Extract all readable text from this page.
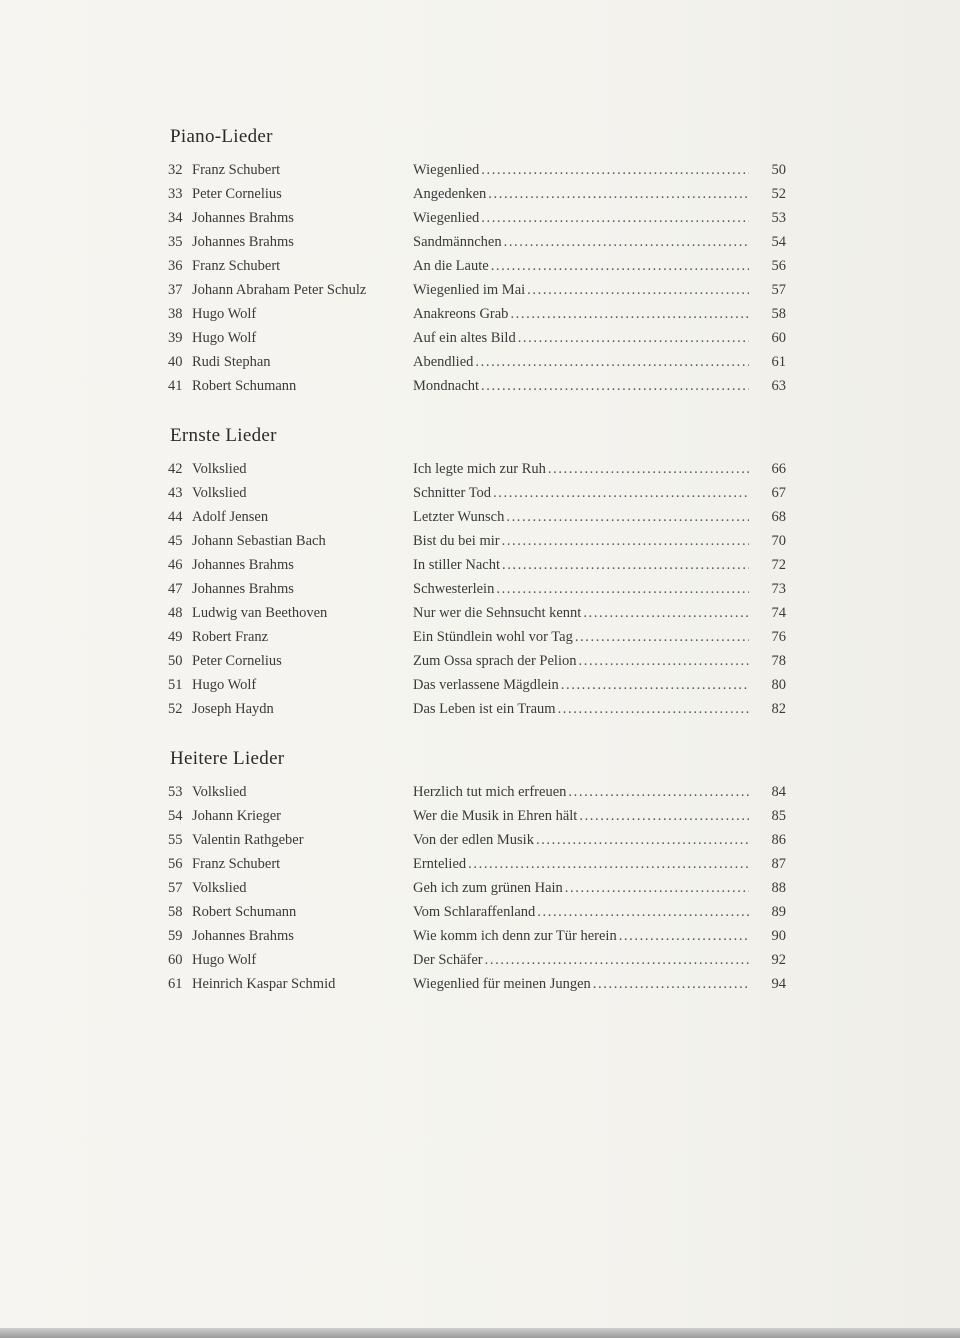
Piano-Lieder
32 Franz Schubert	Wiegenlied .....	50
33 Peter Cornelius	Angedenken .....	52
34 Johannes Brahms	Wiegenlied .....	53
35 Johannes Brahms	Sandmännchen .....	54
36 Franz Schubert	An die Laute .....	56
37 Johann Abraham Peter Schulz	Wiegenlied im Mai .....	57
38 Hugo Wolf	Anakreons Grab .....	58
39 Hugo Wolf	Auf ein altes Bild .....	60
40 Rudi Stephan	Abendlied .....	61
41 Robert Schumann	Mondnacht .....	63
Ernste Lieder
42 Volkslied	Ich legte mich zur Ruh .....	66
43 Volkslied	Schnitter Tod .....	67
44 Adolf Jensen	Letzter Wunsch .....	68
45 Johann Sebastian Bach	Bist du bei mir .....	70
46 Johannes Brahms	In stiller Nacht .....	72
47 Johannes Brahms	Schwesterlein .....	73
48 Ludwig van Beethoven	Nur wer die Sehnsucht kennt .....	74
49 Robert Franz	Ein Stündlein wohl vor Tag .....	76
50 Peter Cornelius	Zum Ossa sprach der Pelion .....	78
51 Hugo Wolf	Das verlassene Mägdlein .....	80
52 Joseph Haydn	Das Leben ist ein Traum .....	82
Heitere Lieder
53 Volkslied	Herzlich tut mich erfreuen .....	84
54 Johann Krieger	Wer die Musik in Ehren hält .....	85
55 Valentin Rathgeber	Von der edlen Musik .....	86
56 Franz Schubert	Erntelied .....	87
57 Volkslied	Geh ich zum grünen Hain .....	88
58 Robert Schumann	Vom Schlaraffenland .....	89
59 Johannes Brahms	Wie komm ich denn zur Tür herein .....	90
60 Hugo Wolf	Der Schäfer .....	92
61 Heinrich Kaspar Schmid	Wiegenlied für meinen Jungen .....	94
